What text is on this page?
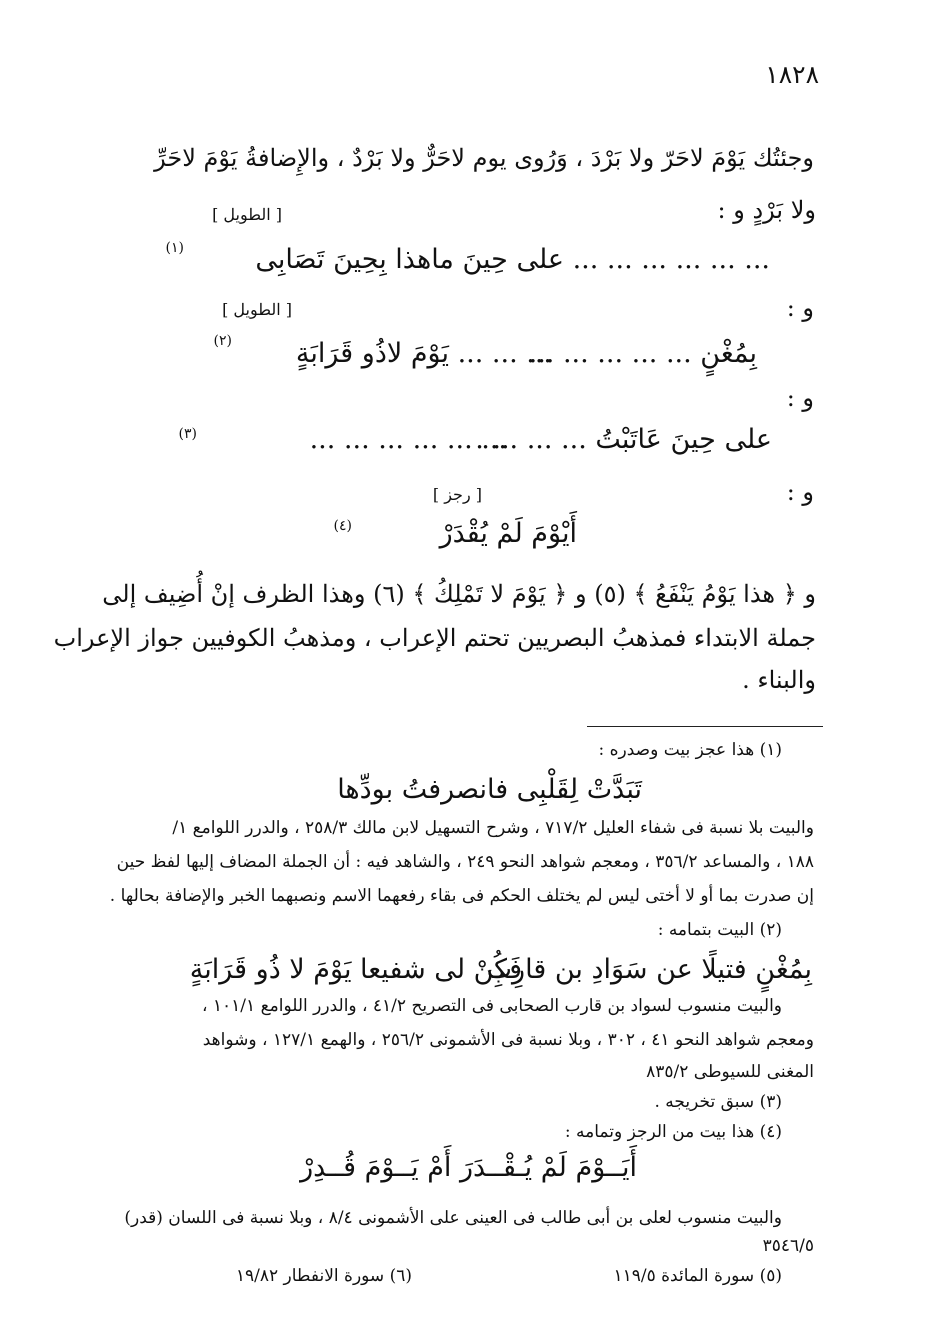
١٨٢٨
وجئتُك يَوْمَ لاحَرّ ولا بَرْدَ ، وَرُوى يوم لاحَرٌّ ولا بَرْدٌ ، والإِضافةُ يَوْمَ لاحَرِّ
ولا بَرْدٍ و :
[ الطويل ]
... ... ... ... ... ... على حِينَ ماهذا بِحِينَ تَصَابِى
(١)
و :
[ الطويل ]
... ... ... يَوْمَ لاذُو قَرَابَةٍ
بِمُغْنٍ ... ... ... ... ...
(٢)
و :
على حِينَ عَاتَبْتُ ... ... ... .
... ... ... ... ... ...
(٣)
و :
[ رجز ]
أَيْوْمَ لَمْ يُقْدَرْ
(٤)
و ﴿ هذا يَوْمُ يَنْفَعُ ﴾ (٥) و ﴿ يَوْمَ لا تَمْلِكُ ﴾ (٦) وهذا الظرف إنْ أُضِيف إلى
جملة الابتداء فمذهبُ البصريين تحتم الإعراب ، ومذهبُ الكوفيين جواز الإعراب
والبناء .
(١) هذا عجز بيت وصدره :
تَبَدَّتْ لِقَلْبِى فانصرفتُ بودِّها
والبيت بلا نسبة فى شفاء العليل ٧١٧/٢ ، وشرح التسهيل لابن مالك ٢٥٨/٣ ، والدرر اللوامع ١/
١٨٨ ، والمساعد ٣٥٦/٢ ، ومعجم شواهد النحو ٢٤٩ ، والشاهد فيه : أن الجملة المضاف إليها لفظ حين
إن صدرت بما أو لا أختى ليس لم يختلف الحكم فى بقاء رفعهما الاسم ونصبهما الخبر والإضافة بحالها .
(٢) البيت بتمامه :
فَكُنْ لى شفيعا يَوْمَ لا ذُو قَرَابَةٍ
بِمُغْنٍ فتيلًا عن سَوَادِ بن قارِبِ
والبيت منسوب لسواد بن قارب الصحابى فى التصريح ٤١/٢ ، والدرر اللوامع ١٠١/١ ،
ومعجم شواهد النحو ٤١ ، ٣٠٢ ، وبلا نسبة فى الأشمونى ٢٥٦/٢ ، والهمع ١٢٧/١ ، وشواهد
المغنى للسيوطى ٨٣٥/٢
(٣) سبق تخريجه .
(٤) هذا بيت من الرجز وتمامه :
أَيَــوْمَ لَمْ يُـقْــدَرَ أَمْ يَــوْمَ قُــدِرْ
والبيت منسوب لعلى بن أبى طالب فى العينى على الأشمونى ٨/٤ ، وبلا نسبة فى اللسان (قدر)
٣٥٤٦/٥
(٥) سورة المائدة ١١٩/٥
(٦) سورة الانفطار ١٩/٨٢
